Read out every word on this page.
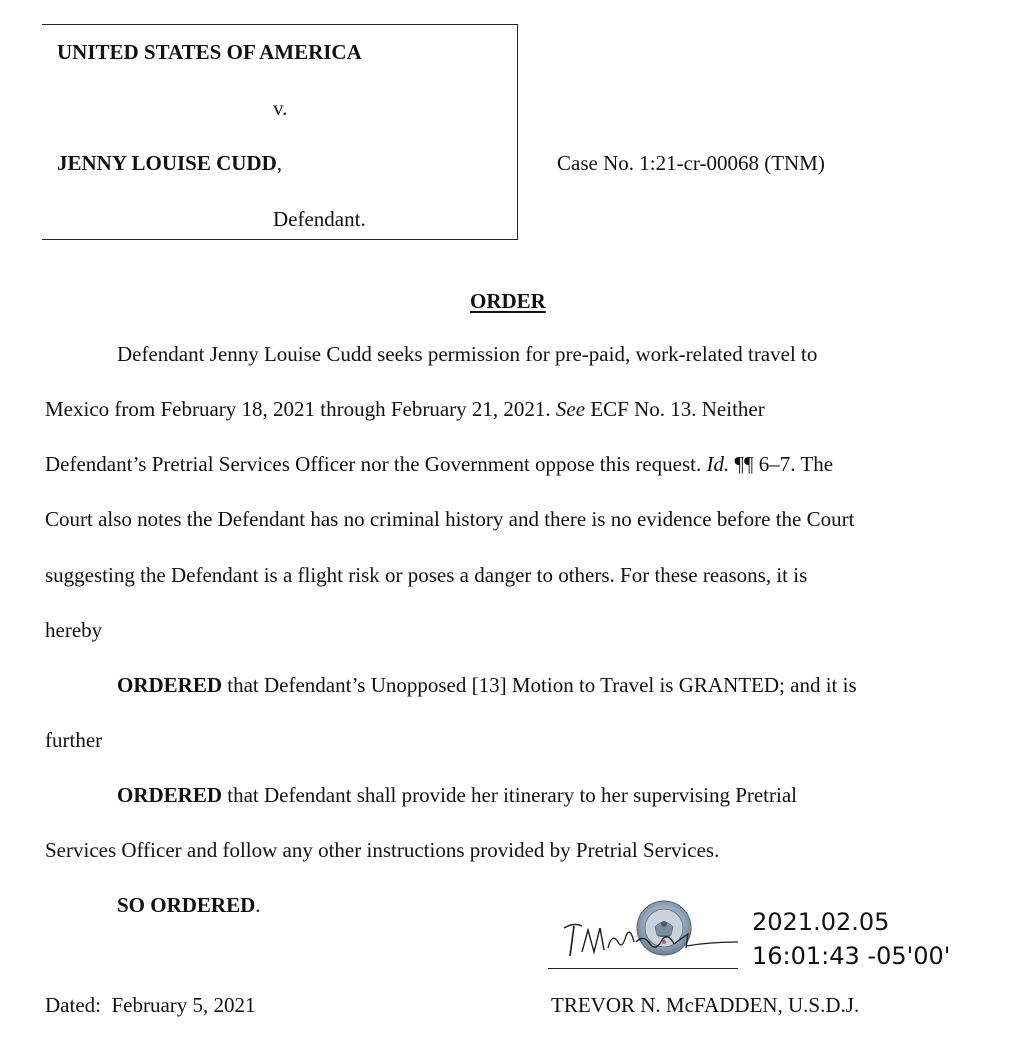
UNITED STATES OF AMERICA
v.
JENNY LOUISE CUDD,
Defendant.
Case No. 1:21-cr-00068 (TNM)
ORDER
Defendant Jenny Louise Cudd seeks permission for pre-paid, work-related travel to
Mexico from February 18, 2021 through February 21, 2021. See ECF No. 13. Neither
Defendant’s Pretrial Services Officer nor the Government oppose this request. Id. ¶¶ 6–7. The
Court also notes the Defendant has no criminal history and there is no evidence before the Court
suggesting the Defendant is a flight risk or poses a danger to others. For these reasons, it is
hereby
ORDERED that Defendant’s Unopposed [13] Motion to Travel is GRANTED; and it is
further
ORDERED that Defendant shall provide her itinerary to her supervising Pretrial
Services Officer and follow any other instructions provided by Pretrial Services.
SO ORDERED.
2021.02.05
16:01:43 -05'00'
Dated: February 5, 2021	TREVOR N. McFADDEN, U.S.D.J.
